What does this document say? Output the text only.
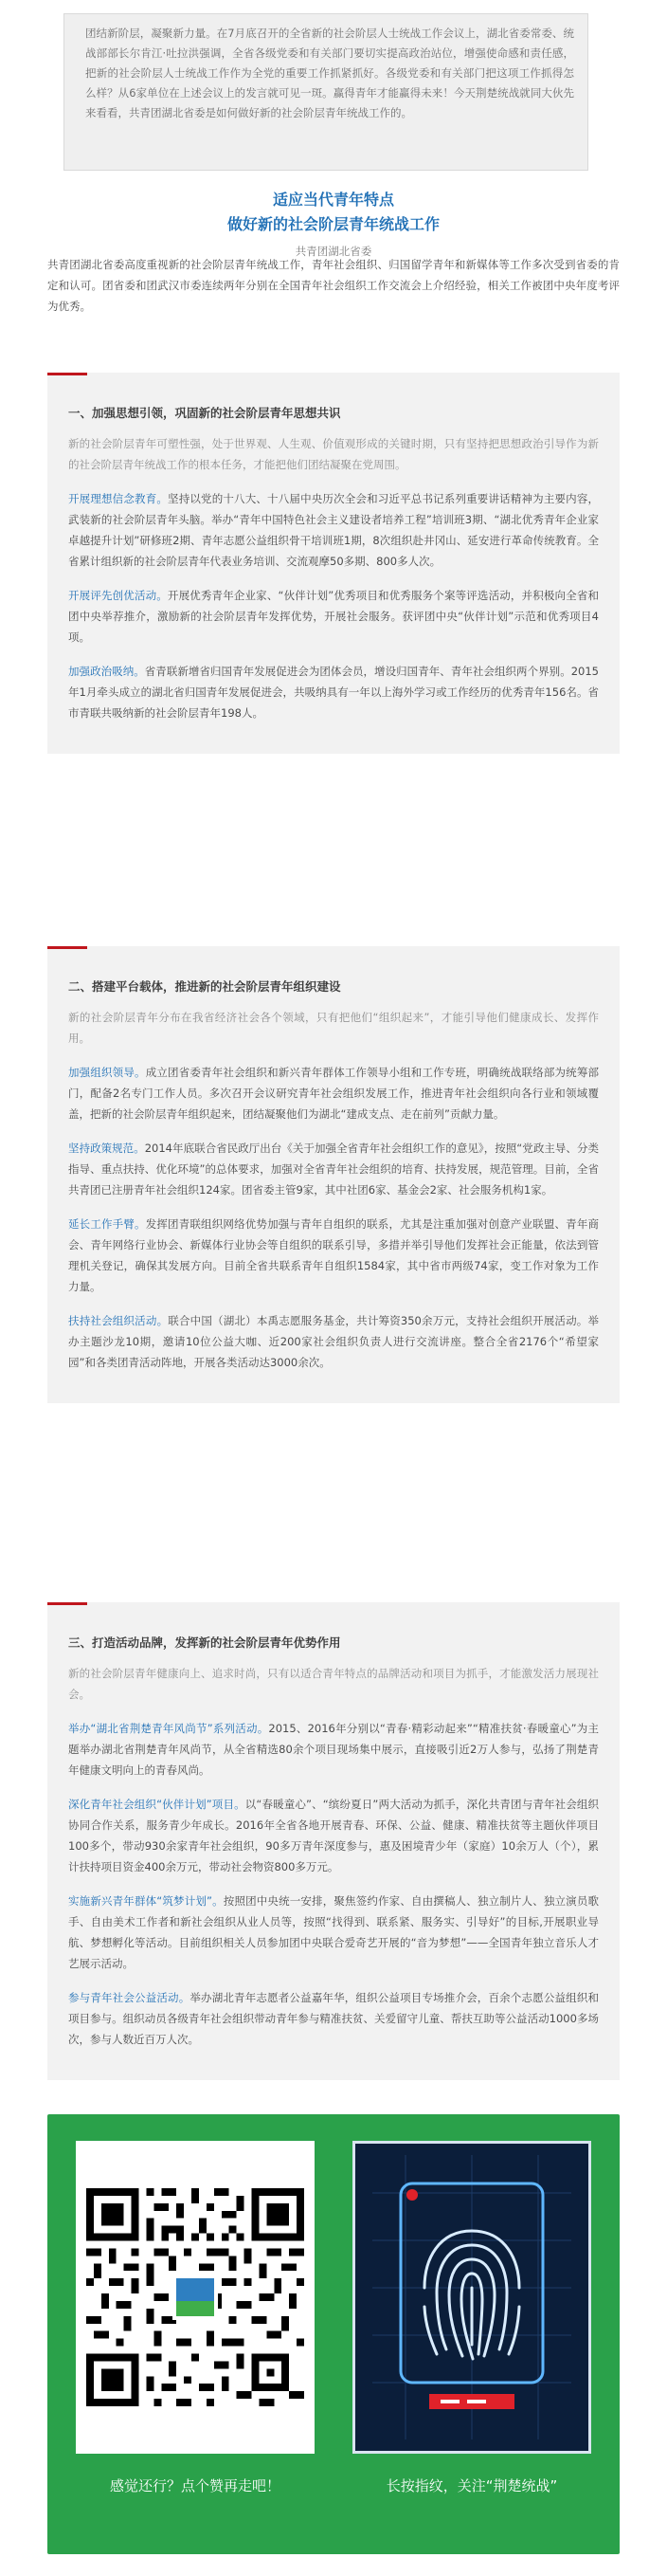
团结新阶层，凝聚新力量。在7月底召开的全省新的社会阶层人士统战工作会议上，湖北省委常委、统战部部长尔肯江·吐拉洪强调，全省各级党委和有关部门要切实提高政治站位，增强使命感和责任感，把新的社会阶层人士统战工作作为全党的重要工作抓紧抓好。各级党委和有关部门把这项工作抓得怎么样？从6家单位在上述会议上的发言就可见一斑。赢得青年才能赢得未来！今天荆楚统战就同大伙先来看看，共青团湖北省委是如何做好新的社会阶层青年统战工作的。

适应当代青年特点
做好新的社会阶层青年统战工作
共青团湖北省委

共青团湖北省委高度重视新的社会阶层青年统战工作，青年社会组织、归国留学青年和新媒体等工作多次受到省委的肯定和认可。团省委和团武汉市委连续两年分别在全国青年社会组织工作交流会上介绍经验，相关工作被团中央年度考评为优秀。

一、加强思想引领，巩固新的社会阶层青年思想共识

新的社会阶层青年可塑性强，处于世界观、人生观、价值观形成的关键时期，只有坚持把思想政治引导作为新的社会阶层青年统战工作的根本任务，才能把他们团结凝聚在党周围。

开展理想信念教育。坚持以党的十八大、十八届中央历次全会和习近平总书记系列重要讲话精神为主要内容，武装新的社会阶层青年头脑。举办“青年中国特色社会主义建设者培养工程”培训班3期、“湖北优秀青年企业家卓越提升计划”研修班2期、青年志愿公益组织骨干培训班1期，8次组织赴井冈山、延安进行革命传统教育。全省累计组织新的社会阶层青年代表业务培训、交流观摩50多期、800多人次。

开展评先创优活动。开展优秀青年企业家、“伙伴计划”优秀项目和优秀服务个案等评选活动，并积极向全省和团中央举荐推介，激励新的社会阶层青年发挥优势，开展社会服务。获评团中央“伙伴计划”示范和优秀项目4项。

加强政治吸纳。省青联新增省归国青年发展促进会为团体会员，增设归国青年、青年社会组织两个界别。2015年1月牵头成立的湖北省归国青年发展促进会，共吸纳具有一年以上海外学习或工作经历的优秀青年156名。省市青联共吸纳新的社会阶层青年198人。

二、搭建平台载体，推进新的社会阶层青年组织建设

新的社会阶层青年分布在我省经济社会各个领域，只有把他们“组织起来”，才能引导他们健康成长、发挥作用。

加强组织领导。成立团省委青年社会组织和新兴青年群体工作领导小组和工作专班，明确统战联络部为统筹部门，配备2名专门工作人员。多次召开会议研究青年社会组织发展工作，推进青年社会组织向各行业和领域覆盖，把新的社会阶层青年组织起来，团结凝聚他们为湖北“建成支点、走在前列”贡献力量。

坚持政策规范。2014年底联合省民政厅出台《关于加强全省青年社会组织工作的意见》，按照“党政主导、分类指导、重点扶持、优化环境”的总体要求，加强对全省青年社会组织的培育、扶持发展，规范管理。目前，全省共青团已注册青年社会组织124家。团省委主管9家，其中社团6家、基金会2家、社会服务机构1家。

延长工作手臂。发挥团青联组织网络优势加强与青年自组织的联系，尤其是注重加强对创意产业联盟、青年商会、青年网络行业协会、新媒体行业协会等自组织的联系引导，多措并举引导他们发挥社会正能量，依法到管理机关登记，确保其发展方向。目前全省共联系青年自组织1584家，其中省市两级74家，变工作对象为工作力量。

扶持社会组织活动。联合中国（湖北）本禹志愿服务基金，共计筹资350余万元，支持社会组织开展活动。举办主题沙龙10期，邀请10位公益大咖、近200家社会组织负责人进行交流讲座。整合全省2176个“希望家园”和各类团青活动阵地，开展各类活动达3000余次。

三、打造活动品牌，发挥新的社会阶层青年优势作用

新的社会阶层青年健康向上、追求时尚，只有以适合青年特点的品牌活动和项目为抓手，才能激发活力展现社会。

举办“湖北省荆楚青年风尚节”系列活动。2015、2016年分别以“青春·精彩动起来”“精准扶贫·春暖童心”为主题举办湖北省荆楚青年风尚节，从全省精选80余个项目现场集中展示，直接吸引近2万人参与，弘扬了荆楚青年健康文明向上的青春风尚。

深化青年社会组织“伙伴计划”项目。以“春暖童心”、“缤纷夏日”两大活动为抓手，深化共青团与青年社会组织协同合作关系，服务青少年成长。2016年全省各地开展青春、环保、公益、健康、精准扶贫等主题伙伴项目100多个，带动930余家青年社会组织，90多万青年深度参与，惠及困境青少年（家庭）10余万人（个），累计扶持项目资金400余万元，带动社会物资800多万元。

实施新兴青年群体“筑梦计划”。按照团中央统一安排，聚焦签约作家、自由撰稿人、独立制片人、独立演员歌手、自由美术工作者和新社会组织从业人员等，按照“找得到、联系紧、服务实、引导好”的目标,开展职业导航、梦想孵化等活动。目前组织相关人员参加团中央联合爱奇艺开展的“音为梦想”——全国青年独立音乐人才艺展示活动。

参与青年社会公益活动。举办湖北青年志愿者公益嘉年华，组织公益项目专场推介会，百余个志愿公益组织和项目参与。组织动员各级青年社会组织带动青年参与精准扶贫、关爱留守儿童、帮扶互助等公益活动1000多场次，参与人数近百万人次。

感觉还行？点个赞再走吧！	长按指纹，关注“荆楚统战”
